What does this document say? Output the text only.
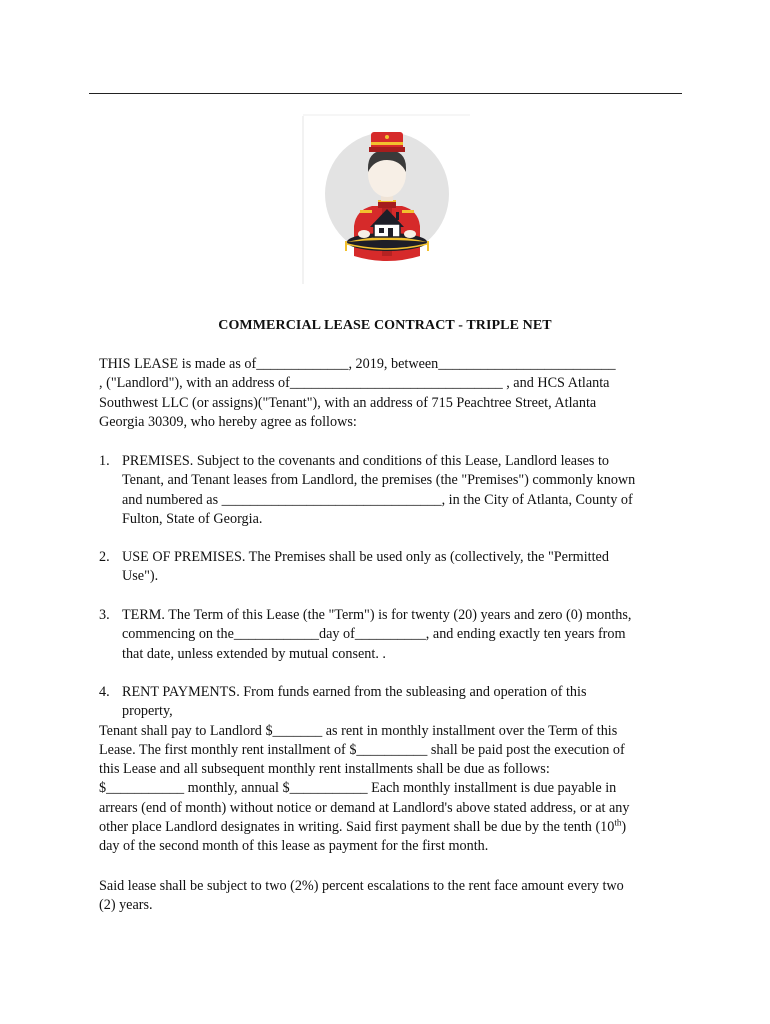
COMMERCIAL LEASE CONTRACT - TRIPLE NET
THIS LEASE is made as of_____________, 2019, between_________________________
, ("Landlord"), with an address of______________________________ , and HCS Atlanta
Southwest LLC (or assigns)("Tenant"), with an address of 715 Peachtree Street, Atlanta
Georgia 30309, who hereby agree as follows:
1. PREMISES. Subject to the covenants and conditions of this Lease, Landlord leases to
Tenant, and Tenant leases from Landlord, the premises (the "Premises") commonly known
and numbered as _______________________________, in the City of Atlanta, County of
Fulton, State of Georgia.
2. USE OF PREMISES. The Premises shall be used only as (collectively, the "Permitted
Use").
3. TERM. The Term of this Lease (the "Term") is for twenty (20) years and zero (0) months,
commencing on the____________day of__________, and ending exactly ten years from
that date, unless extended by mutual consent. .
4. RENT PAYMENTS. From funds earned from the subleasing and operation of this
property,
Tenant shall pay to Landlord $_______ as rent in monthly installment over the Term of this
Lease. The first monthly rent installment of $__________ shall be paid post the execution of
this Lease and all subsequent monthly rent installments shall be due as follows:
$___________ monthly, annual $___________ Each monthly installment is due payable in
arrears (end of month) without notice or demand at Landlord's above stated address, or at any
other place Landlord designates in writing. Said first payment shall be due by the tenth (10th)
day of the second month of this lease as payment for the first month.
Said lease shall be subject to two (2%) percent escalations to the rent face amount every two
(2) years.
